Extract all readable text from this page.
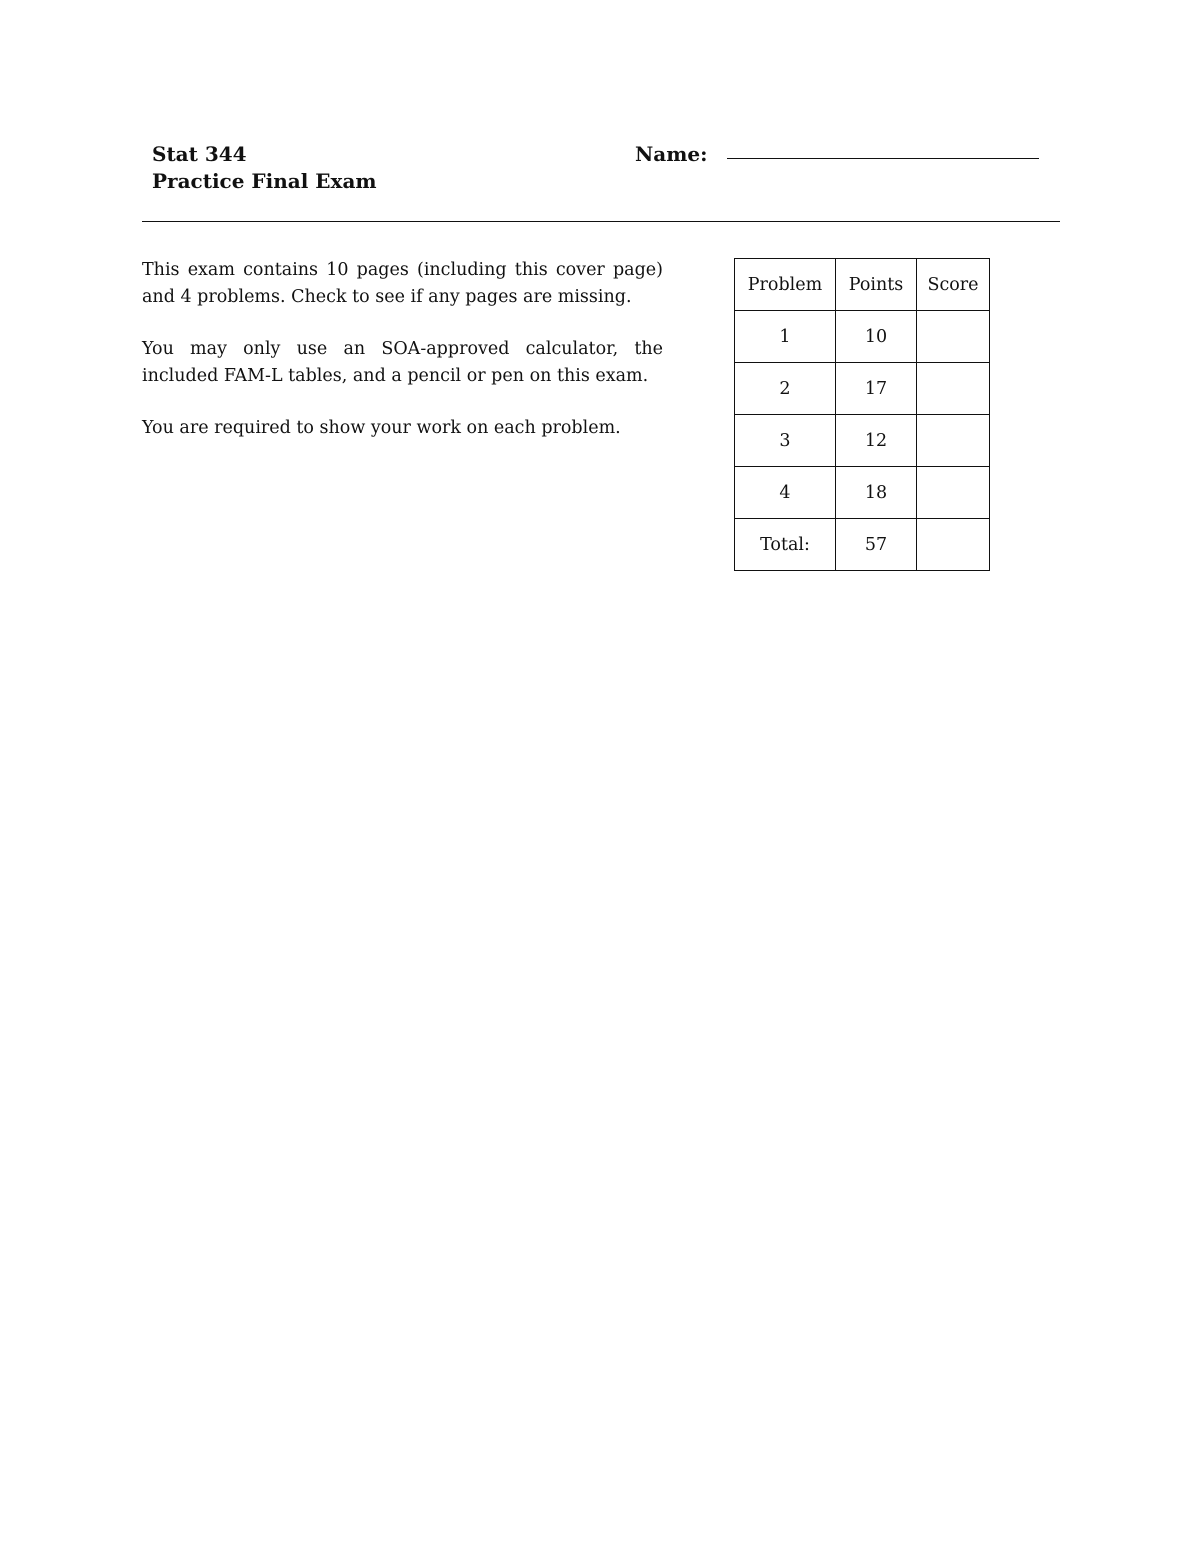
Stat 344
Practice Final Exam
Name:

This exam contains 10 pages (including this cover page) and 4 problems. Check to see if any pages are missing.

You may only use an SOA-approved calculator, the included FAM-L tables, and a pencil or pen on this exam.

You are required to show your work on each problem.

Problem	Points	Score
1	10	
2	17	
3	12	
4	18	
Total:	57	
